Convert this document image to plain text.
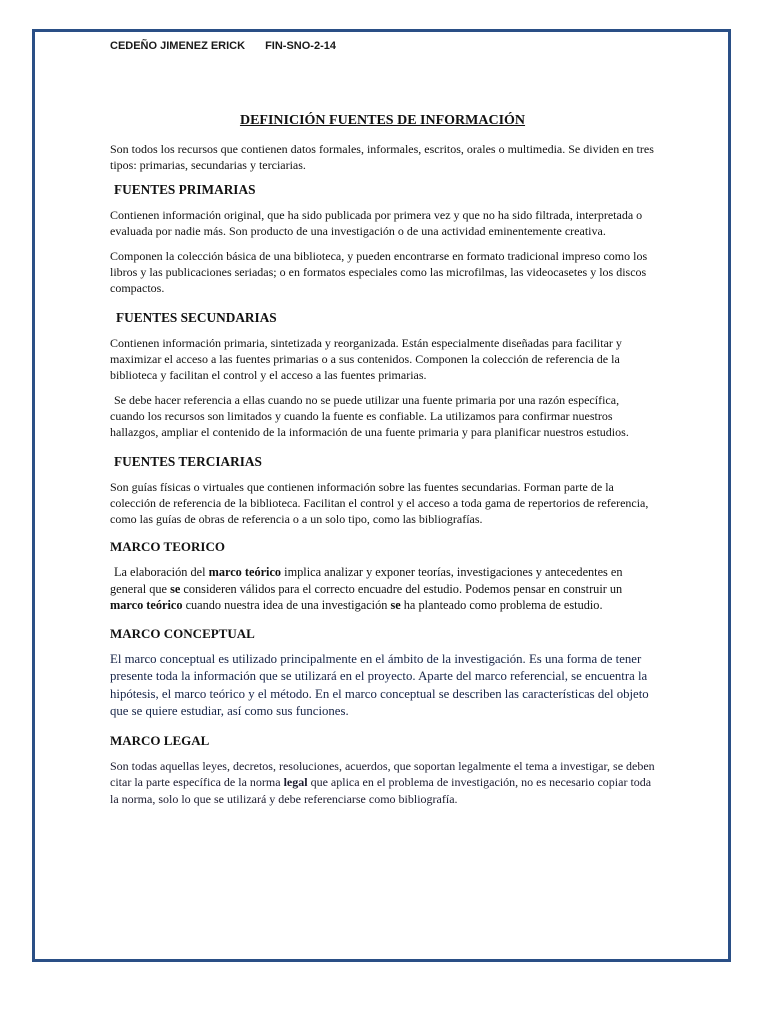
CEDEÑO JIMENEZ ERICK FIN-SNO-2-14
DEFINICIÓN FUENTES DE INFORMACIÓN

Son todos los recursos que contienen datos formales, informales, escritos, orales o multimedia. Se dividen en tres tipos: primarias, secundarias y terciarias.

FUENTES PRIMARIAS

Contienen información original, que ha sido publicada por primera vez y que no ha sido filtrada, interpretada o evaluada por nadie más. Son producto de una investigación o de una actividad eminentemente creativa.

Componen la colección básica de una biblioteca, y pueden encontrarse en formato tradicional impreso como los libros y las publicaciones seriadas; o en formatos especiales como las microfilmas, las videocasetes y los discos compactos.

FUENTES SECUNDARIAS

Contienen información primaria, sintetizada y reorganizada. Están especialmente diseñadas para facilitar y maximizar el acceso a las fuentes primarias o a sus contenidos. Componen la colección de referencia de la biblioteca y facilitan el control y el acceso a las fuentes primarias.

Se debe hacer referencia a ellas cuando no se puede utilizar una fuente primaria por una razón específica, cuando los recursos son limitados y cuando la fuente es confiable. La utilizamos para confirmar nuestros hallazgos, ampliar el contenido de la información de una fuente primaria y para planificar nuestros estudios.

FUENTES TERCIARIAS

Son guías físicas o virtuales que contienen información sobre las fuentes secundarias. Forman parte de la colección de referencia de la biblioteca. Facilitan el control y el acceso a toda gama de repertorios de referencia, como las guías de obras de referencia o a un solo tipo, como las bibliografías.

MARCO TEORICO

La elaboración del marco teórico implica analizar y exponer teorías, investigaciones y antecedentes en general que se consideren válidos para el correcto encuadre del estudio. Podemos pensar en construir un marco teórico cuando nuestra idea de una investigación se ha planteado como problema de estudio.

MARCO CONCEPTUAL

El marco conceptual es utilizado principalmente en el ámbito de la investigación. Es una forma de tener presente toda la información que se utilizará en el proyecto. Aparte del marco referencial, se encuentra la hipótesis, el marco teórico y el método. En el marco conceptual se describen las características del objeto que se quiere estudiar, así como sus funciones.

MARCO LEGAL

Son todas aquellas leyes, decretos, resoluciones, acuerdos, que soportan legalmente el tema a investigar, se deben citar la parte específica de la norma legal que aplica en el problema de investigación, no es necesario copiar toda la norma, solo lo que se utilizará y debe referenciarse como bibliografía.
